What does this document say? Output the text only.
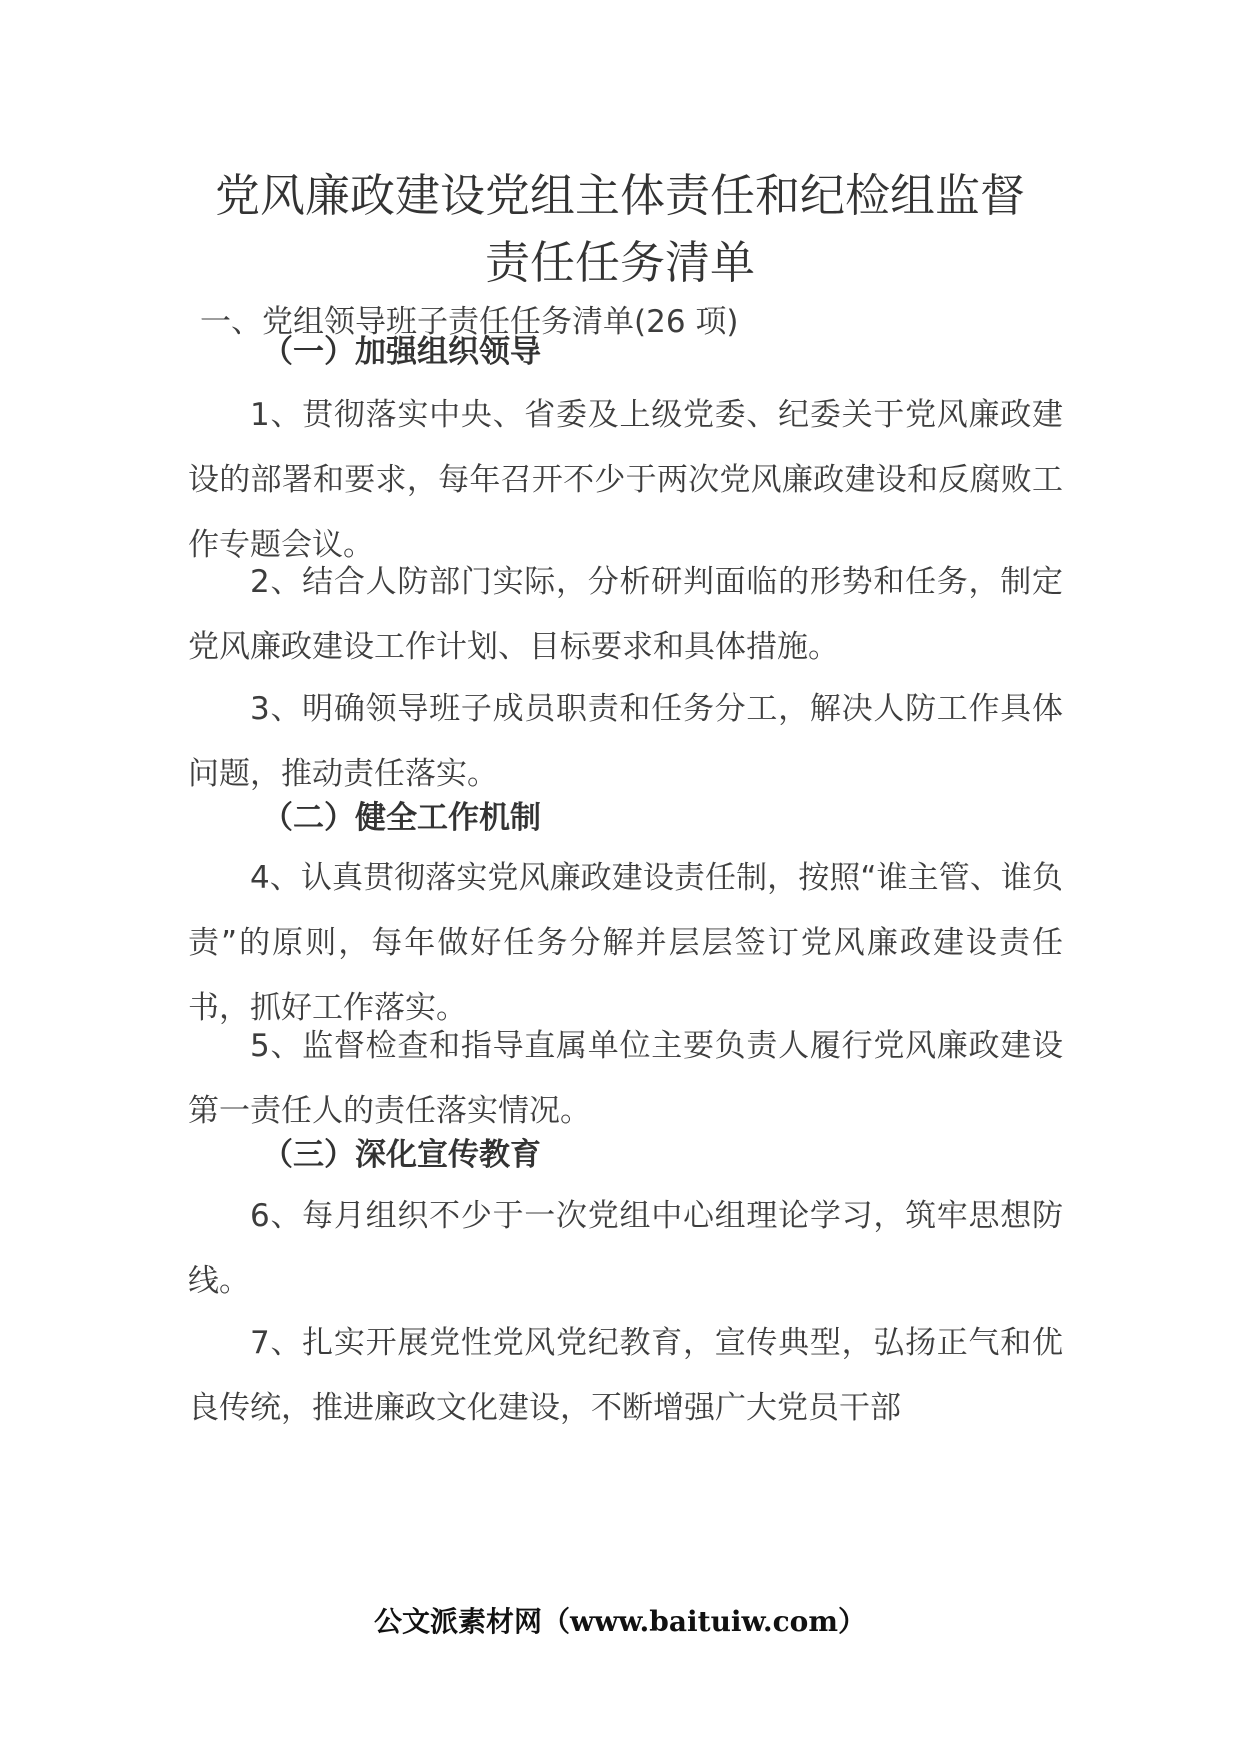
党风廉政建设党组主体责任和纪检组监督
责任任务清单
一、党组领导班子责任任务清单(26 项)
（一）加强组织领导
1、贯彻落实中央、省委及上级党委、纪委关于党风廉政建设的部署和要求，每年召开不少于两次党风廉政建设和反腐败工作专题会议。
2、结合人防部门实际，分析研判面临的形势和任务，制定党风廉政建设工作计划、目标要求和具体措施。
3、明确领导班子成员职责和任务分工，解决人防工作具体问题，推动责任落实。
（二）健全工作机制
4、认真贯彻落实党风廉政建设责任制，按照“谁主管、谁负责”的原则，每年做好任务分解并层层签订党风廉政建设责任书，抓好工作落实。
5、监督检查和指导直属单位主要负责人履行党风廉政建设第一责任人的责任落实情况。
（三）深化宣传教育
6、每月组织不少于一次党组中心组理论学习，筑牢思想防线。
7、扎实开展党性党风党纪教育，宣传典型，弘扬正气和优良传统，推进廉政文化建设，不断增强广大党员干部
公文派素材网（www.baituiw.com）
